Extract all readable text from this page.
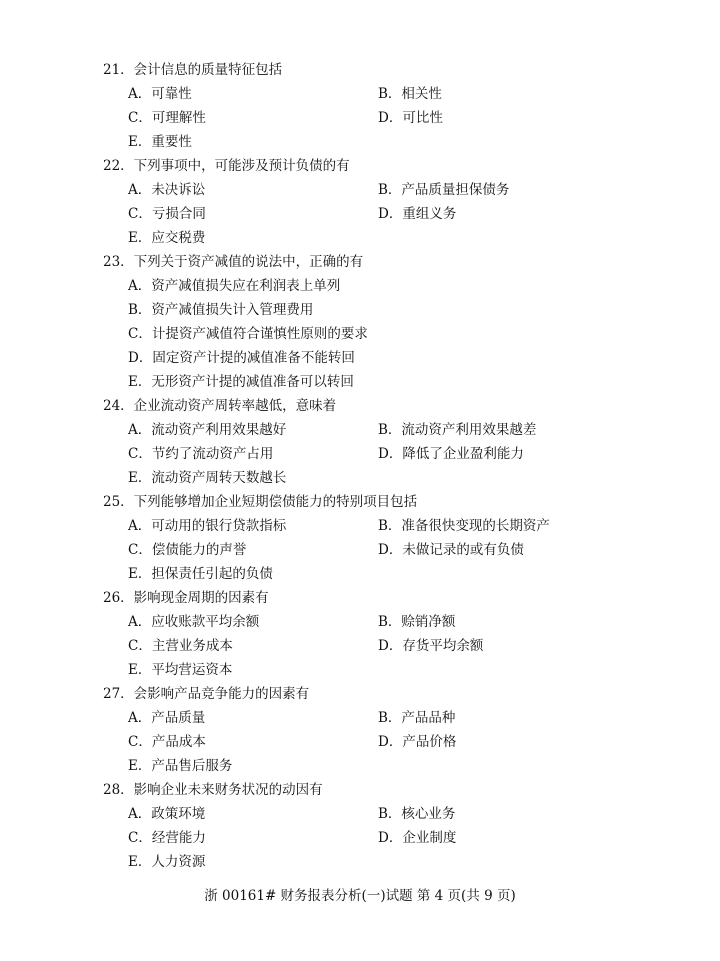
21．会计信息的质量特征包括
A．可靠性	B．相关性
C．可理解性	D．可比性
E．重要性
22．下列事项中，可能涉及预计负债的有
A．未决诉讼	B．产品质量担保债务
C．亏损合同	D．重组义务
E．应交税费
23．下列关于资产减值的说法中，正确的有
A．资产减值损失应在利润表上单列
B．资产减值损失计入管理费用
C．计提资产减值符合谨慎性原则的要求
D．固定资产计提的减值准备不能转回
E．无形资产计提的减值准备可以转回
24．企业流动资产周转率越低，意味着
A．流动资产利用效果越好	B．流动资产利用效果越差
C．节约了流动资产占用	D．降低了企业盈利能力
E．流动资产周转天数越长
25．下列能够增加企业短期偿债能力的特别项目包括
A．可动用的银行贷款指标	B．准备很快变现的长期资产
C．偿债能力的声誉	D．未做记录的或有负债
E．担保责任引起的负债
26．影响现金周期的因素有
A．应收账款平均余额	B．赊销净额
C．主营业务成本	D．存货平均余额
E．平均营运资本
27．会影响产品竞争能力的因素有
A．产品质量	B．产品品种
C．产品成本	D．产品价格
E．产品售后服务
28．影响企业未来财务状况的动因有
A．政策环境	B．核心业务
C．经营能力	D．企业制度
E．人力资源
浙 00161# 财务报表分析(一)试题 第 4 页(共 9 页)
